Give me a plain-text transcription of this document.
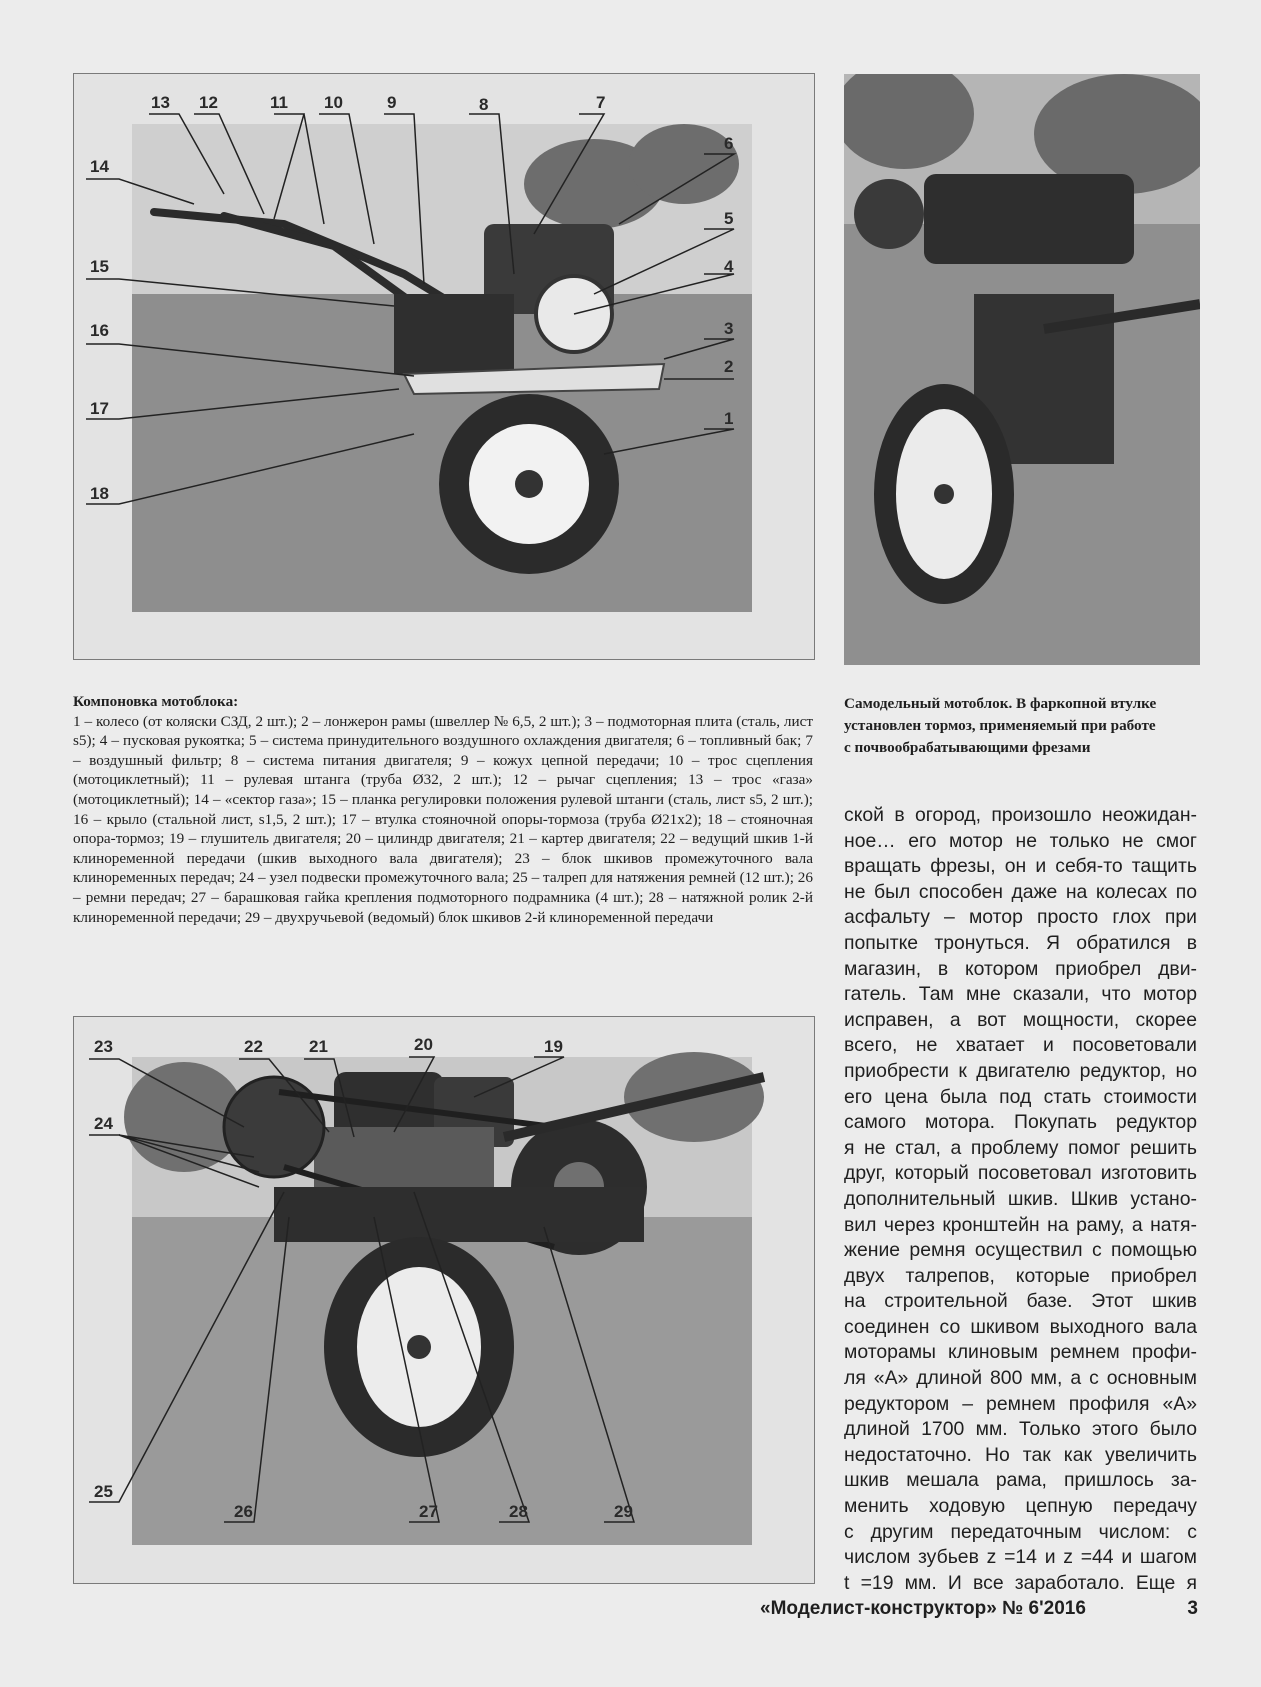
13 12	11 10	9	8	7
6
14
5
4
15
3
16
2
17
1
18
Компоновка мотоблока:
1 – колесо (от коляски СЗД, 2 шт.); 2 – лонжерон рамы (швеллер № 6,5, 2 шт.); 3 – подмоторная плита (сталь, лист s5); 4 – пусковая рукоятка; 5 – система принудительного воздушного охлаждения двигателя; 6 – топливный бак; 7 – воздушный фильтр; 8 – система питания двигателя; 9 – кожух цепной передачи; 10 – трос сцепления (мотоциклетный); 11 – рулевая штанга (труба Ø32, 2 шт.); 12 – рычаг сцепления; 13 – трос «газа» (мотоциклетный); 14 – «сектор газа»; 15 – планка регулировки положения рулевой штанги (сталь, лист s5, 2 шт.); 16 – крыло (стальной лист, s1,5, 2 шт.); 17 – втулка стояночной опоры-тормоза (труба Ø21х2); 18 – стояночная опора-тормоз; 19 – глушитель двигателя; 20 – цилиндр двигателя; 21 – картер двигателя; 22 – ведущий шкив 1-й клиноременной передачи (шкив выходного вала двигателя); 23 – блок шкивов промежуточного вала клиноременных передач; 24 – узел подвески промежуточного вала; 25 – талреп для натяжения ремней (12 шт.); 26 – ремни передач; 27 – барашковая гайка крепления подмоторного подрамника (4 шт.); 28 – натяжной ролик 2-й клиноременной передачи; 29 – двухручьевой (ведомый) блок шкивов 2-й клиноременной передачи
Самодельный мотоблок. В фаркопной втулке
установлен тормоз, применяемый при работе
с почвообрабатывающими фрезами
23	22	21	20	19
24
25
26	27	28	29
ской в огород, произошло неожидан-
ное… его мотор не только не смог
вращать фрезы, он и себя-то тащить
не был способен даже на колесах по
асфальту – мотор просто глох при
попытке тронуться. Я обратился в
магазин, в котором приобрел дви-
гатель. Там мне сказали, что мотор
исправен, а вот мощности, скорее
всего, не хватает и посоветовали
приобрести к двигателю редуктор, но
его цена была под стать стоимости
самого мотора. Покупать редуктор
я не стал, а проблему помог решить
друг, который посоветовал изготовить
дополнительный шкив. Шкив устано-
вил через кронштейн на раму, а натя-
жение ремня осуществил с помощью
двух талрепов, которые приобрел
на строительной базе. Этот шкив
соединен со шкивом выходного вала
моторамы клиновым ремнем профи-
ля «А» длиной 800 мм, а с основным
редуктором – ремнем профиля «А»
длиной 1700 мм. Только этого было
недостаточно. Но так как увеличить
шкив мешала рама, пришлось за-
менить ходовую цепную передачу
с другим передаточным числом: с
числом зубьев z =14 и z =44 и шагом
t =19 мм. И все заработало. Еще я
«Моделист-конструктор» № 6'2016	3
